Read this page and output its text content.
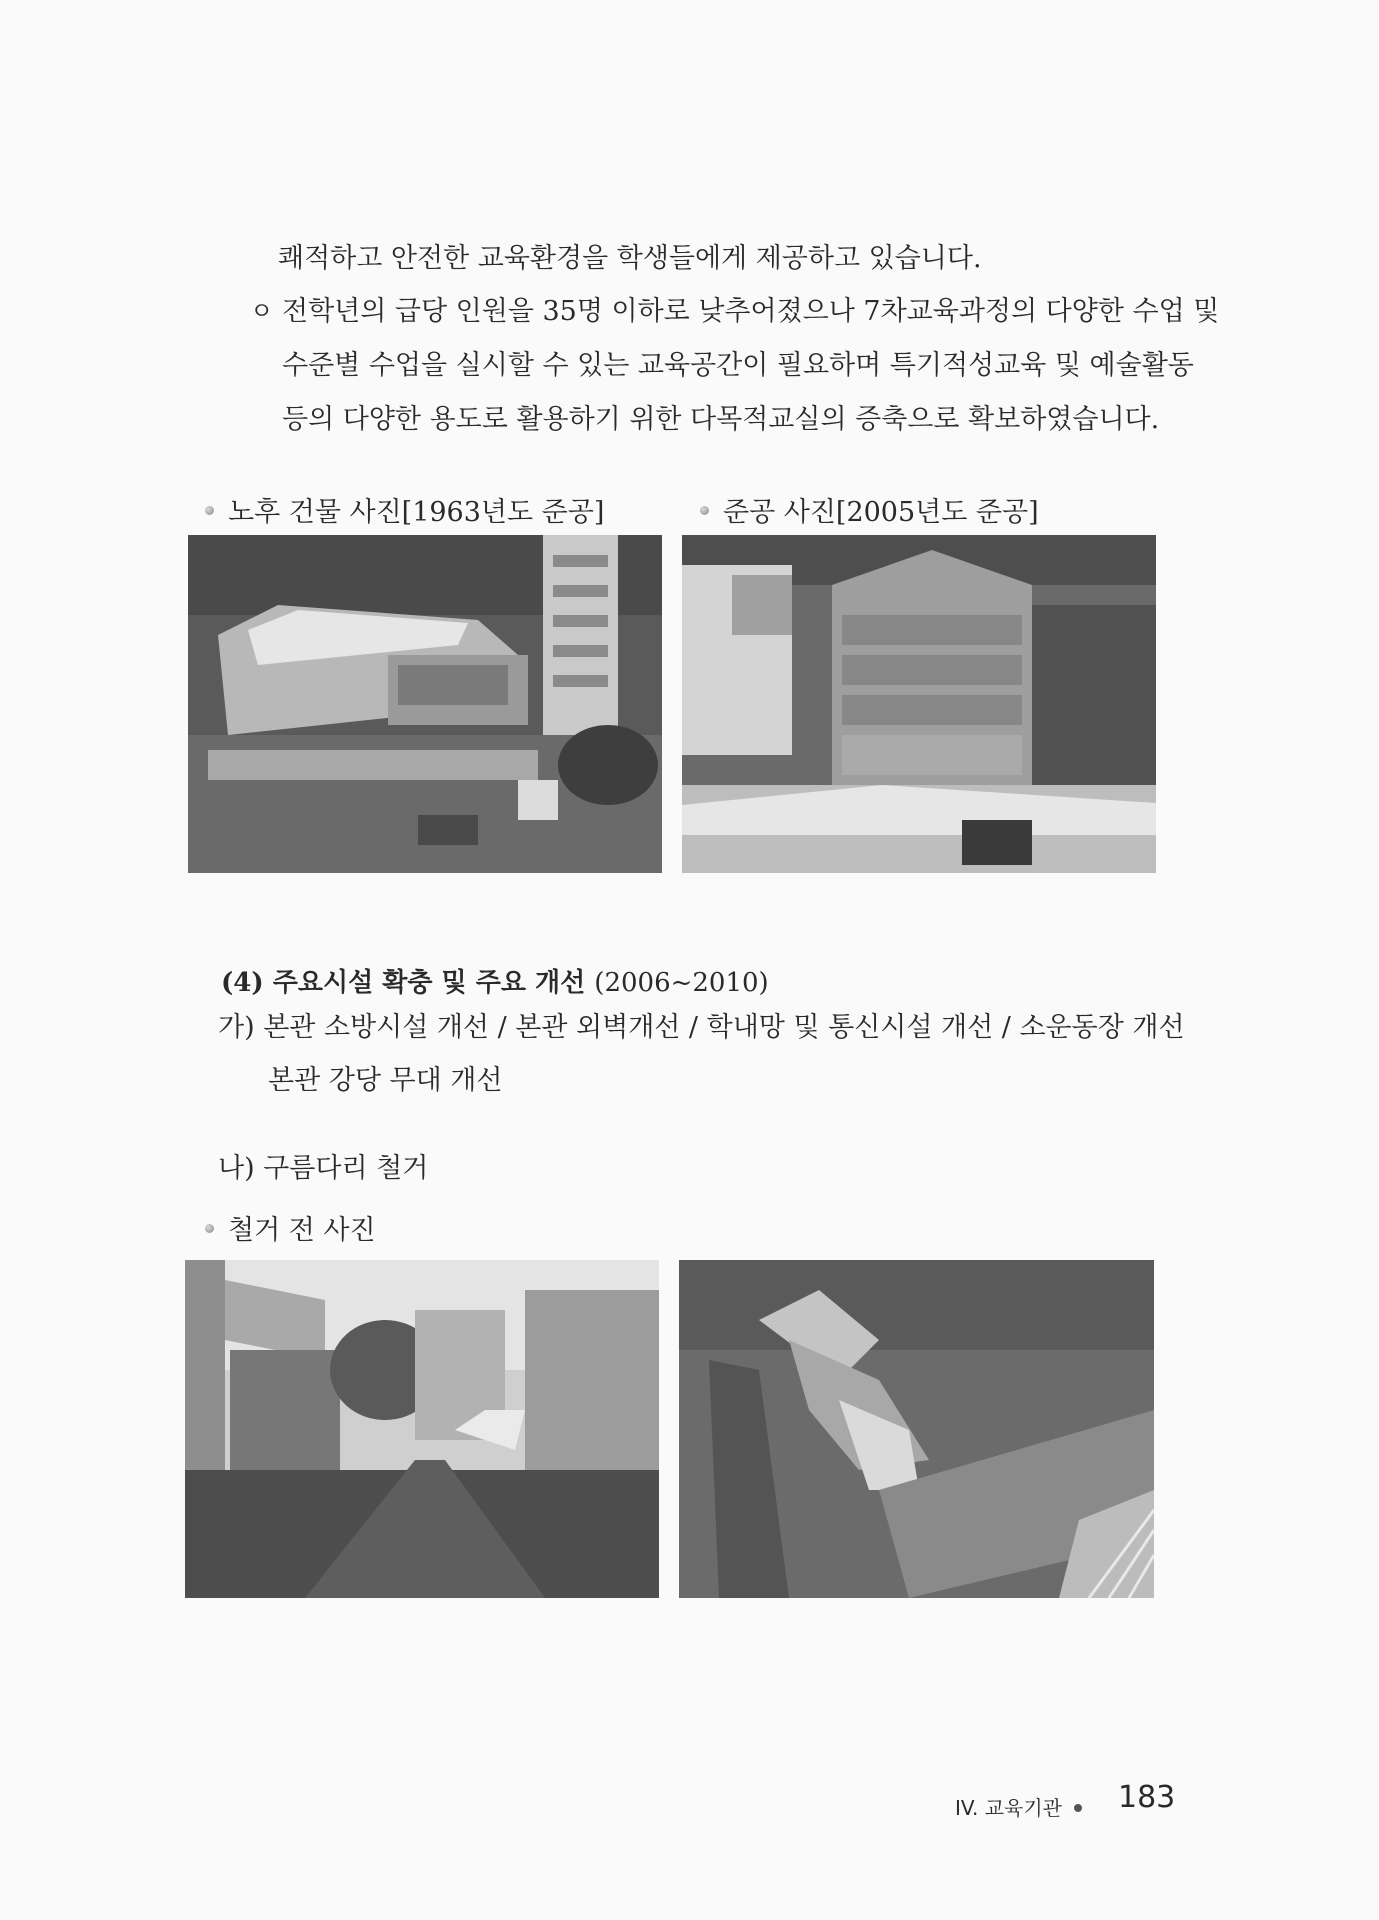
쾌적하고 안전한 교육환경을 학생들에게 제공하고 있습니다.
ㅇ 전학년의 급당 인원을 35명 이하로 낮추어졌으나 7차교육과정의 다양한 수업 및
수준별 수업을 실시할 수 있는 교육공간이 필요하며 특기적성교육 및 예술활동
등의 다양한 용도로 활용하기 위한 다목적교실의 증축으로 확보하였습니다.
노후 건물 사진[1963년도 준공]	준공 사진[2005년도 준공]
(4) 주요시설 확충 및 주요 개선 (2006~2010)
가) 본관 소방시설 개선 / 본관 외벽개선 / 학내망 및 통신시설 개선 / 소운동장 개선
본관 강당 무대 개선
나) 구름다리 철거
철거 전 사진
IV. 교육기관	183
